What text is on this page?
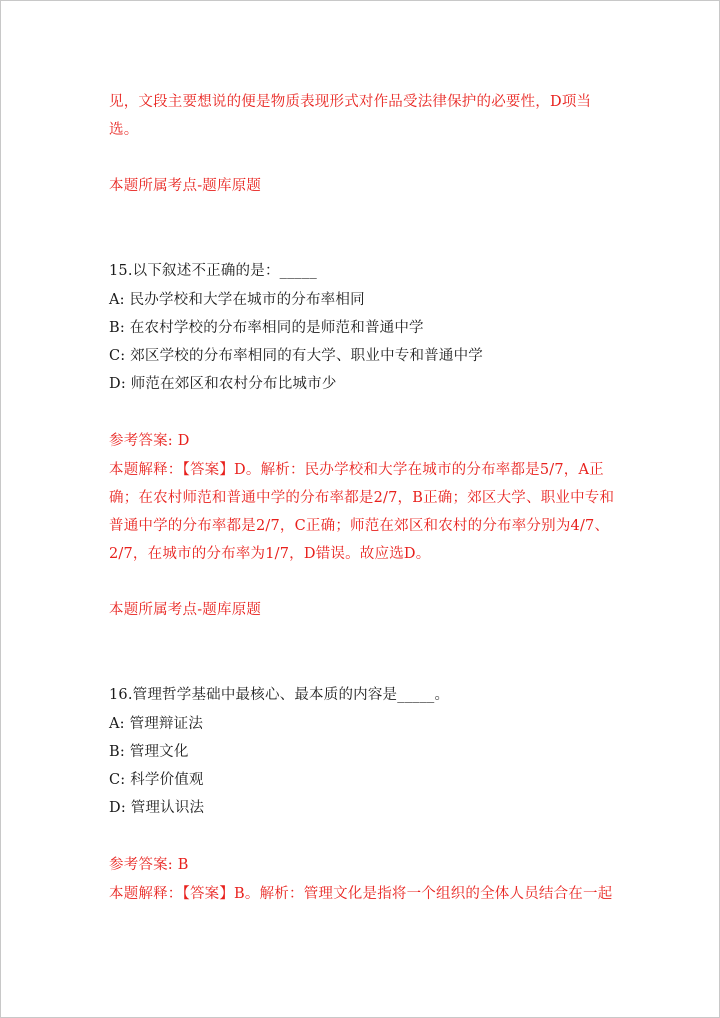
见，文段主要想说的便是物质表现形式对作品受法律保护的必要性，D项当
选。
本题所属考点-题库原题
15.以下叙述不正确的是：_____
A: 民办学校和大学在城市的分布率相同
B: 在农村学校的分布率相同的是师范和普通中学
C: 郊区学校的分布率相同的有大学、职业中专和普通中学
D: 师范在郊区和农村分布比城市少
参考答案: D
本题解释：【答案】D。解析：民办学校和大学在城市的分布率都是5/7，A正
确；在农村师范和普通中学的分布率都是2/7，B正确；郊区大学、职业中专和
普通中学的分布率都是2/7，C正确；师范在郊区和农村的分布率分别为4/7、
2/7，在城市的分布率为1/7，D错误。故应选D。
本题所属考点-题库原题
16.管理哲学基础中最核心、最本质的内容是_____。
A: 管理辩证法
B: 管理文化
C: 科学价值观
D: 管理认识法
参考答案: B
本题解释：【答案】B。解析：管理文化是指将一个组织的全体人员结合在一起
